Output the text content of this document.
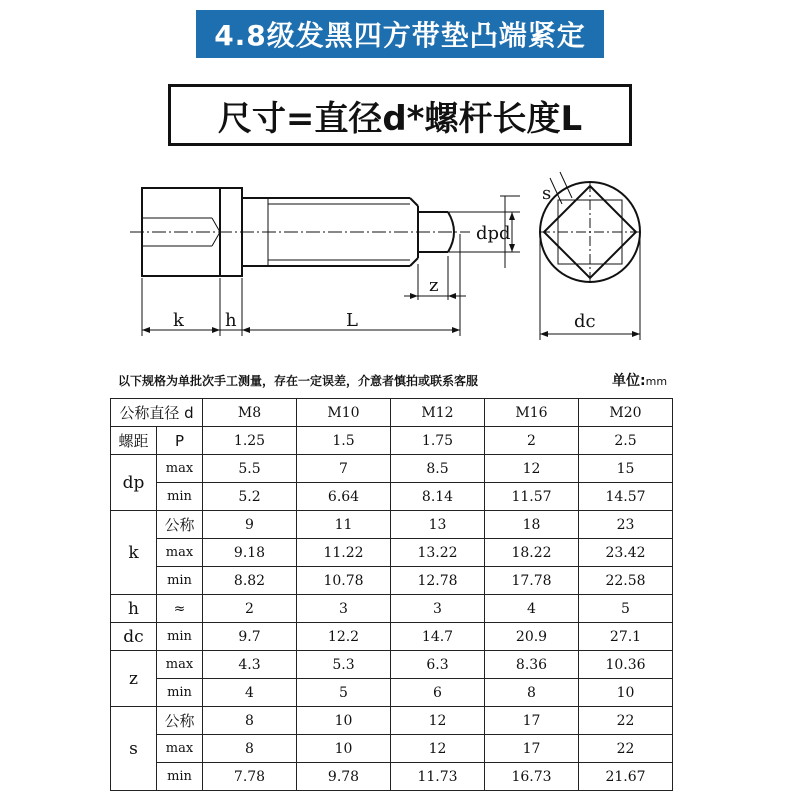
4.8级发黑四方带垫凸端紧定
尺寸=直径d*螺杆长度L
k h	L
z
dpd
s
dc
以下规格为单批次手工测量，存在一定误差，介意者慎拍或联系客服	单位:mm
公称直径 d		M8	M10	M12	M16	M20
螺距	P	1.25	1.5	1.75	2	2.5
dp	max	5.5	7	8.5	12	15
	min	5.2	6.64	8.14	11.57	14.57
k	公称	9	11	13	18	23
	max	9.18	11.22	13.22	18.22	23.42
	min	8.82	10.78	12.78	17.78	22.58
h	≈	2	3	3	4	5
dc	min	9.7	12.2	14.7	20.9	27.1
z	max	4.3	5.3	6.3	8.36	10.36
	min	4	5	6	8	10
s	公称	8	10	12	17	22
	max	8	10	12	17	22
	min	7.78	9.78	11.73	16.73	21.67
